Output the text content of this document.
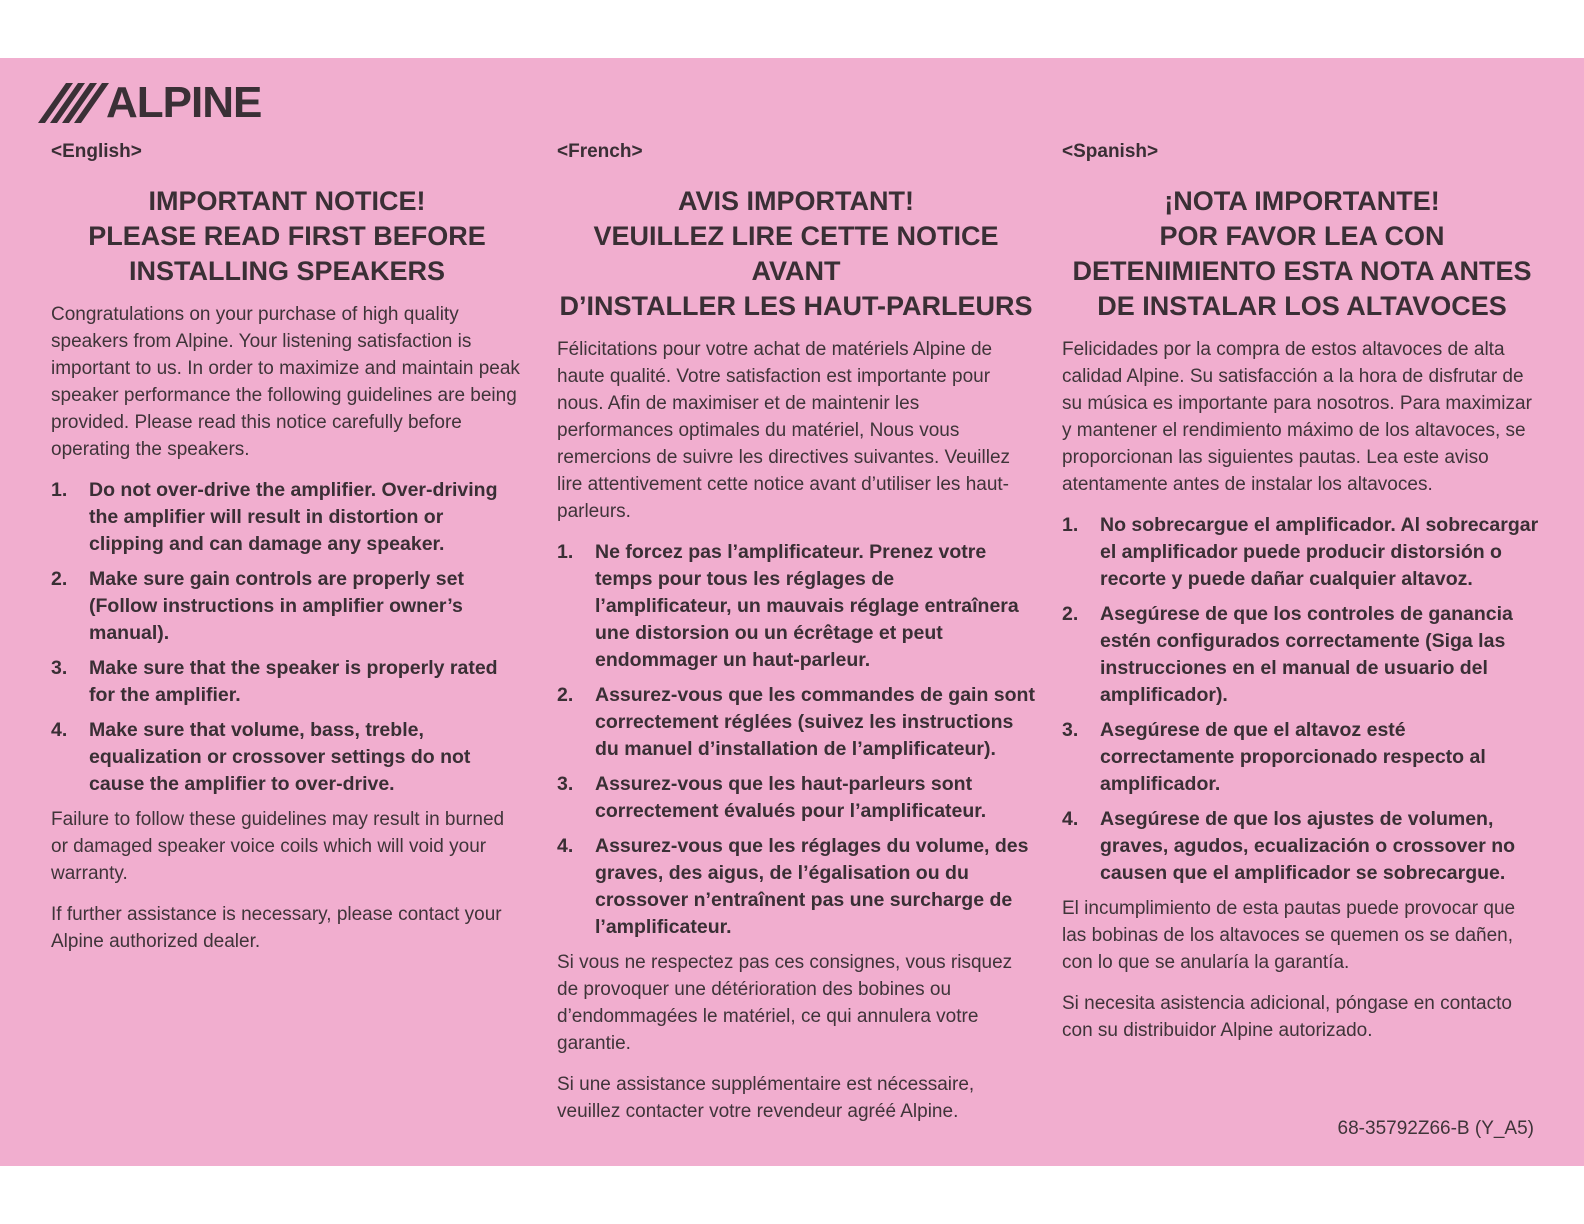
ALPINE
<English>
IMPORTANT NOTICE!
PLEASE READ FIRST BEFORE
INSTALLING SPEAKERS

Congratulations on your purchase of high quality speakers from Alpine. Your listening satisfaction is important to us. In order to maximize and maintain peak speaker performance the following guidelines are being provided. Please read this notice carefully before operating the speakers.

1.	Do not over-drive the amplifier. Over-driving the amplifier will result in distortion or clipping and can damage any speaker.
2.	Make sure gain controls are properly set (Follow instructions in amplifier owner’s manual).
3.	Make sure that the speaker is properly rated for the amplifier.
4.	Make sure that volume, bass, treble, equalization or crossover settings do not cause the amplifier to over-drive.

Failure to follow these guidelines may result in burned or damaged speaker voice coils which will void your warranty.

If further assistance is necessary, please contact your Alpine authorized dealer.

<French>
AVIS IMPORTANT!
VEUILLEZ LIRE CETTE NOTICE AVANT
D’INSTALLER LES HAUT-PARLEURS

Félicitations pour votre achat de matériels Alpine de haute qualité. Votre satisfaction est importante pour nous. Afin de maximiser et de maintenir les performances optimales du matériel, Nous vous remercions de suivre les directives suivantes. Veuillez lire attentivement cette notice avant d’utiliser les haut-parleurs.

1.	Ne forcez pas l’amplificateur. Prenez votre temps pour tous les réglages de l’amplificateur, un mauvais réglage entraînera une distorsion ou un écrêtage et peut endommager un haut-parleur.
2.	Assurez-vous que les commandes de gain sont correctement réglées (suivez les instructions du manuel d’installation de l’amplificateur).
3.	Assurez-vous que les haut-parleurs sont correctement évalués pour l’amplificateur.
4.	Assurez-vous que les réglages du volume, des graves, des aigus, de l’égalisation ou du crossover n’entraînent pas une surcharge de l’amplificateur.

Si vous ne respectez pas ces consignes, vous risquez de provoquer une détérioration des bobines ou d’endommagées le matériel, ce qui annulera votre garantie.

Si une assistance supplémentaire est nécessaire, veuillez contacter votre revendeur agréé Alpine.

<Spanish>
¡NOTA IMPORTANTE!
POR FAVOR LEA CON
DETENIMIENTO ESTA NOTA ANTES
DE INSTALAR LOS ALTAVOCES

Felicidades por la compra de estos altavoces de alta calidad Alpine. Su satisfacción a la hora de disfrutar de su música es importante para nosotros. Para maximizar y mantener el rendimiento máximo de los altavoces, se proporcionan las siguientes pautas. Lea este aviso atentamente antes de instalar los altavoces.

1.	No sobrecargue el amplificador. Al sobrecargar el amplificador puede producir distorsión o recorte y puede dañar cualquier altavoz.
2.	Asegúrese de que los controles de ganancia estén configurados correctamente (Siga las instrucciones en el manual de usuario del amplificador).
3.	Asegúrese de que el altavoz esté correctamente proporcionado respecto al amplificador.
4.	Asegúrese de que los ajustes de volumen, graves, agudos, ecualización o crossover no causen que el amplificador se sobrecargue.

El incumplimiento de esta pautas puede provocar que las bobinas de los altavoces se quemen os se dañen, con lo que se anularía la garantía.

Si necesita asistencia adicional, póngase en contacto con su distribuidor Alpine autorizado.

68-35792Z66-B (Y_A5)
